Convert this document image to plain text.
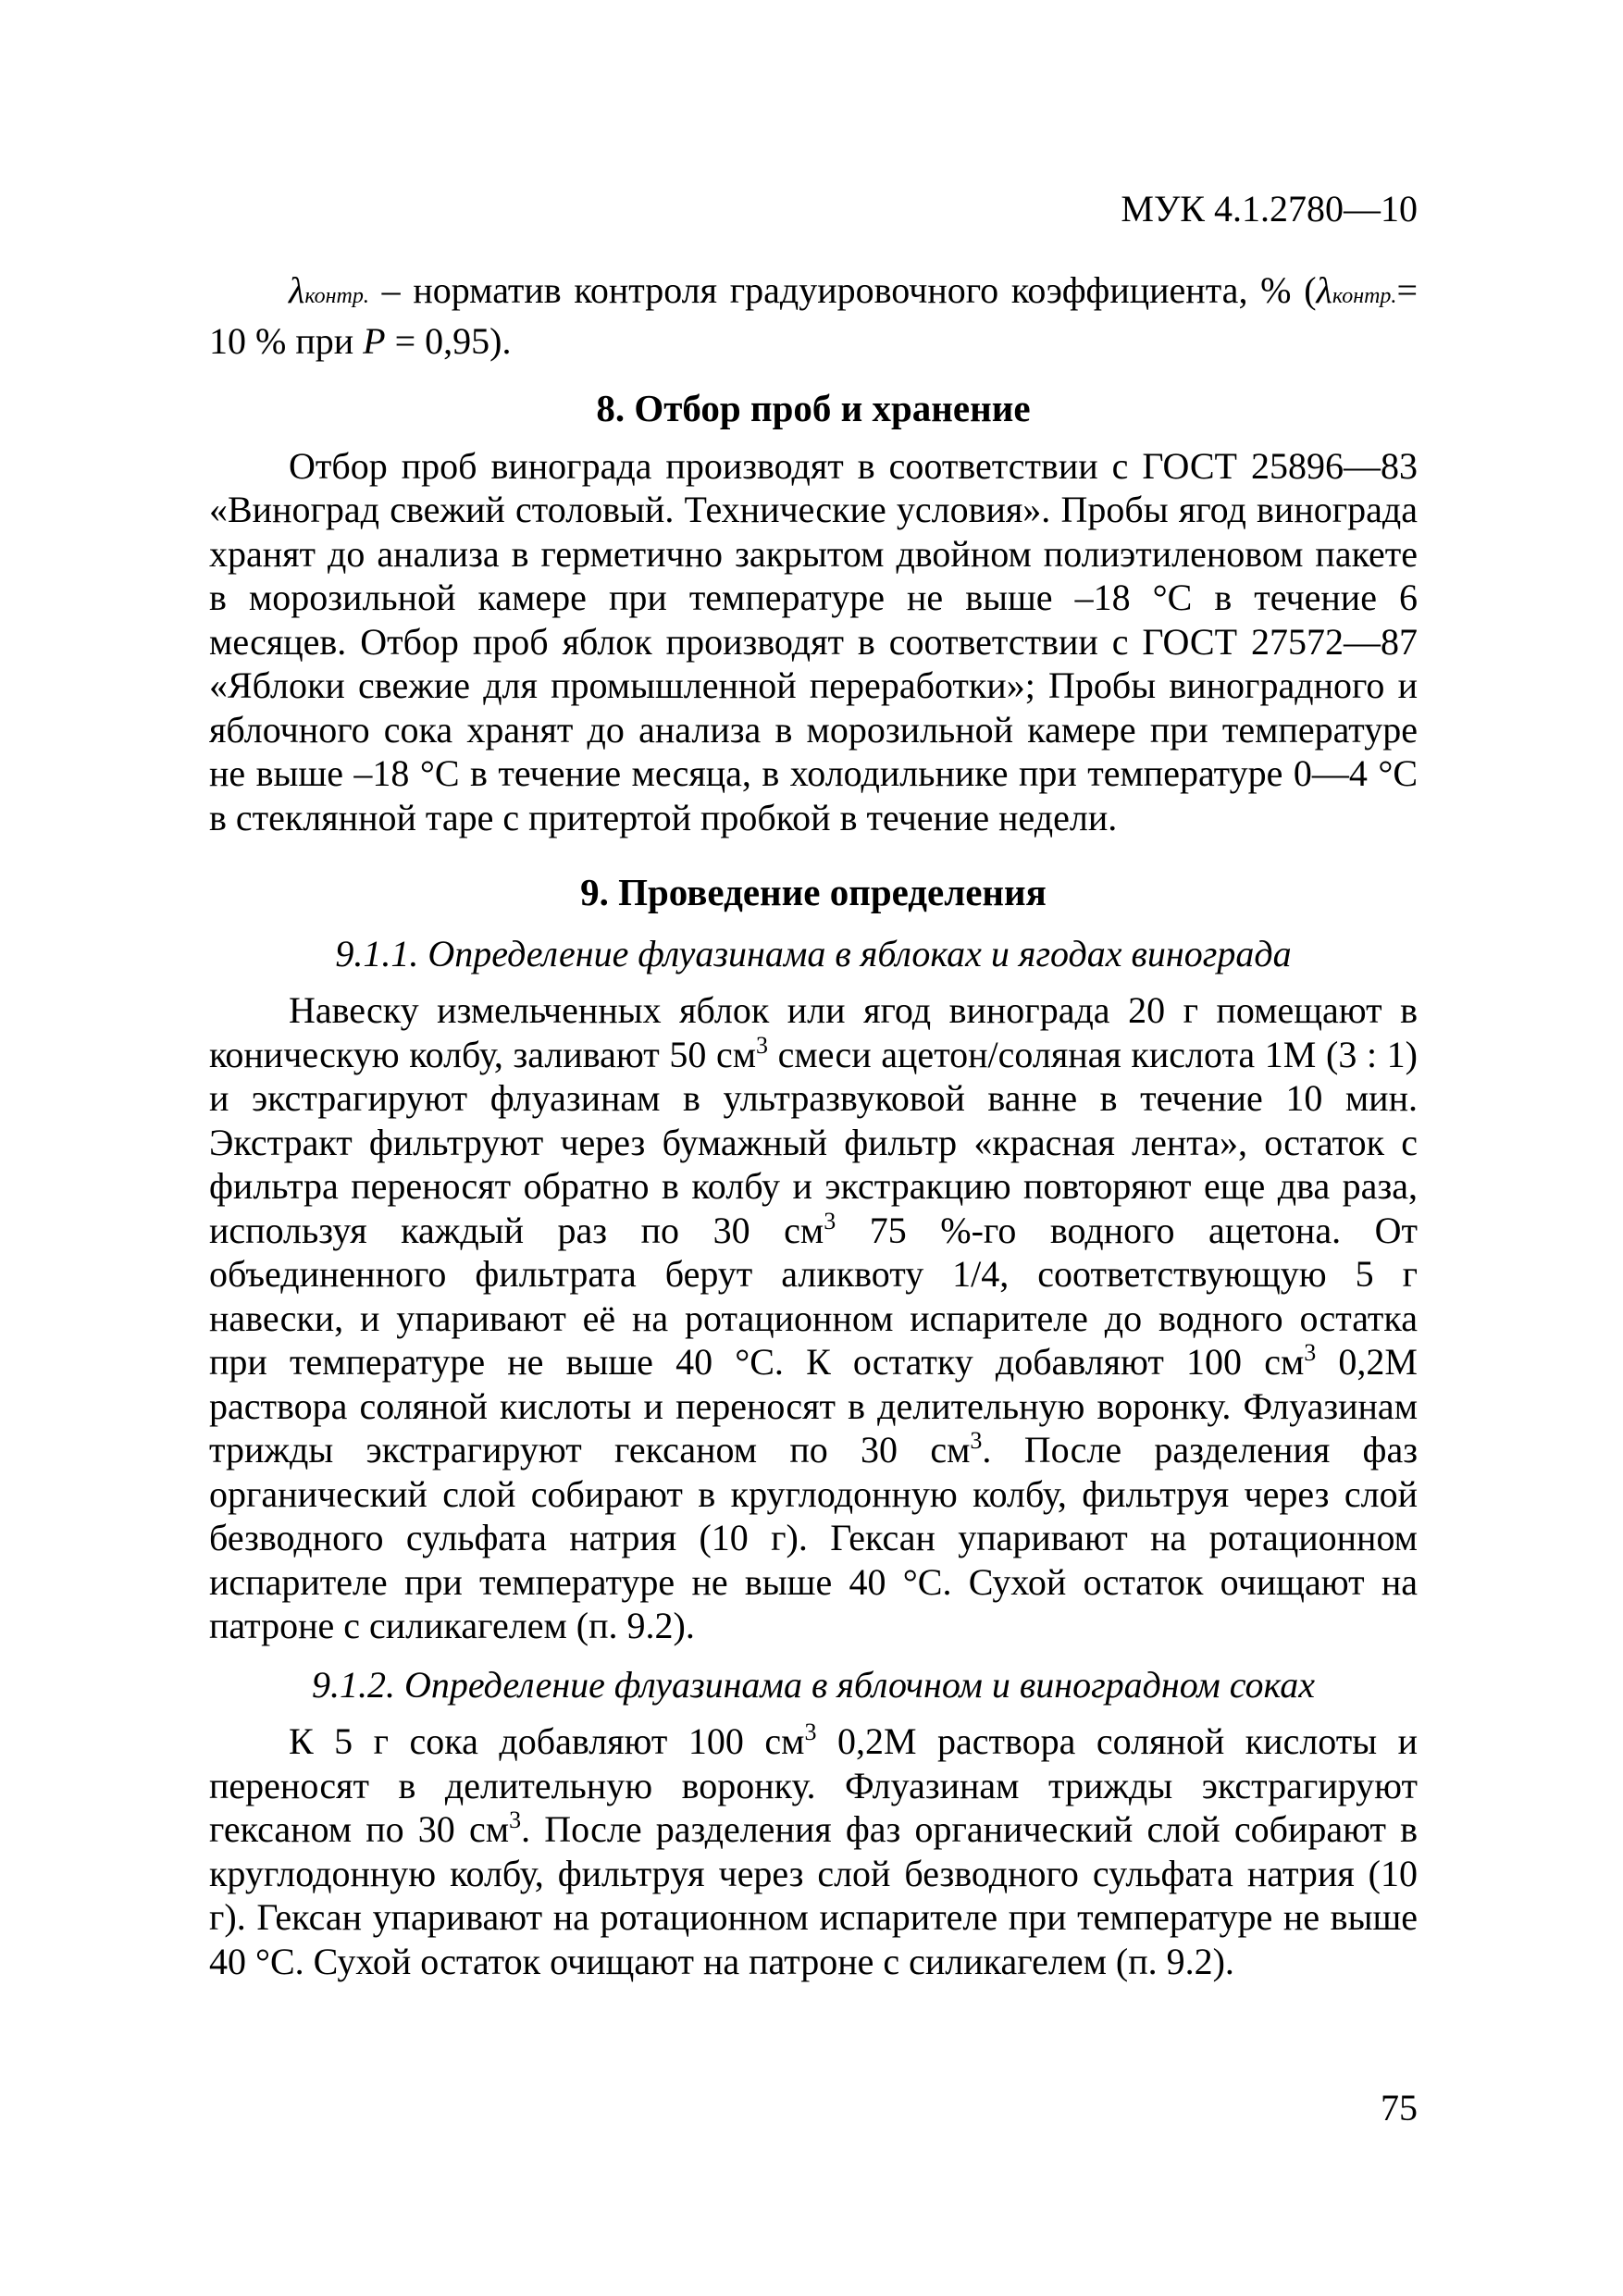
МУК 4.1.2780—10

λконтр. – норматив контроля градуировочного коэффициента, % (λконтр.= 10 % при P = 0,95).

8. Отбор проб и хранение

Отбор проб винограда производят в соответствии с ГОСТ 25896—83 «Виноград свежий столовый. Технические условия». Пробы ягод винограда хранят до анализа в герметично закрытом двойном полиэтиленовом пакете в морозильной камере при температуре не выше –18 °С в течение 6 месяцев. Отбор проб яблок производят в соответствии с ГОСТ 27572—87 «Яблоки свежие для промышленной переработки»; Пробы виноградного и яблочного сока хранят до анализа в морозильной камере при температуре не выше –18 °С в течение месяца, в холодильнике при температуре 0—4 °С в стеклянной таре с притертой пробкой в течение недели.

9. Проведение определения

9.1.1. Определение флуазинама в яблоках и ягодах винограда

Навеску измельченных яблок или ягод винограда 20 г помещают в коническую колбу, заливают 50 $см^3$ смеси ацетон/соляная кислота 1М (3 : 1) и экстрагируют флуазинам в ультразвуковой ванне в течение 10 мин. Экстракт фильтруют через бумажный фильтр «красная лента», остаток с фильтра переносят обратно в колбу и экстракцию повторяют еще два раза, используя каждый раз по 30 $см^3$ 75 %-го водного ацетона. От объединенного фильтрата берут аликвоту 1/4, соответствующую 5 г навески, и упаривают её на ротационном испарителе до водного остатка при температуре не выше 40 °С. К остатку добавляют 100 $см^3$ 0,2М раствора соляной кислоты и переносят в делительную воронку. Флуазинам трижды экстрагируют гексаном по 30 $см^3$. После разделения фаз органический слой собирают в круглодонную колбу, фильтруя через слой безводного сульфата натрия (10 г). Гексан упаривают на ротационном испарителе при температуре не выше 40 °С. Сухой остаток очищают на патроне с силикагелем (п. 9.2).

9.1.2. Определение флуазинама в яблочном и виноградном соках

К 5 г сока добавляют 100 $см^3$ 0,2М раствора соляной кислоты и переносят в делительную воронку. Флуазинам трижды экстрагируют гексаном по 30 $см^3$. После разделения фаз органический слой собирают в круглодонную колбу, фильтруя через слой безводного сульфата натрия (10 г). Гексан упаривают на ротационном испарителе при температуре не выше 40 °С. Сухой остаток очищают на патроне с силикагелем (п. 9.2).

75
